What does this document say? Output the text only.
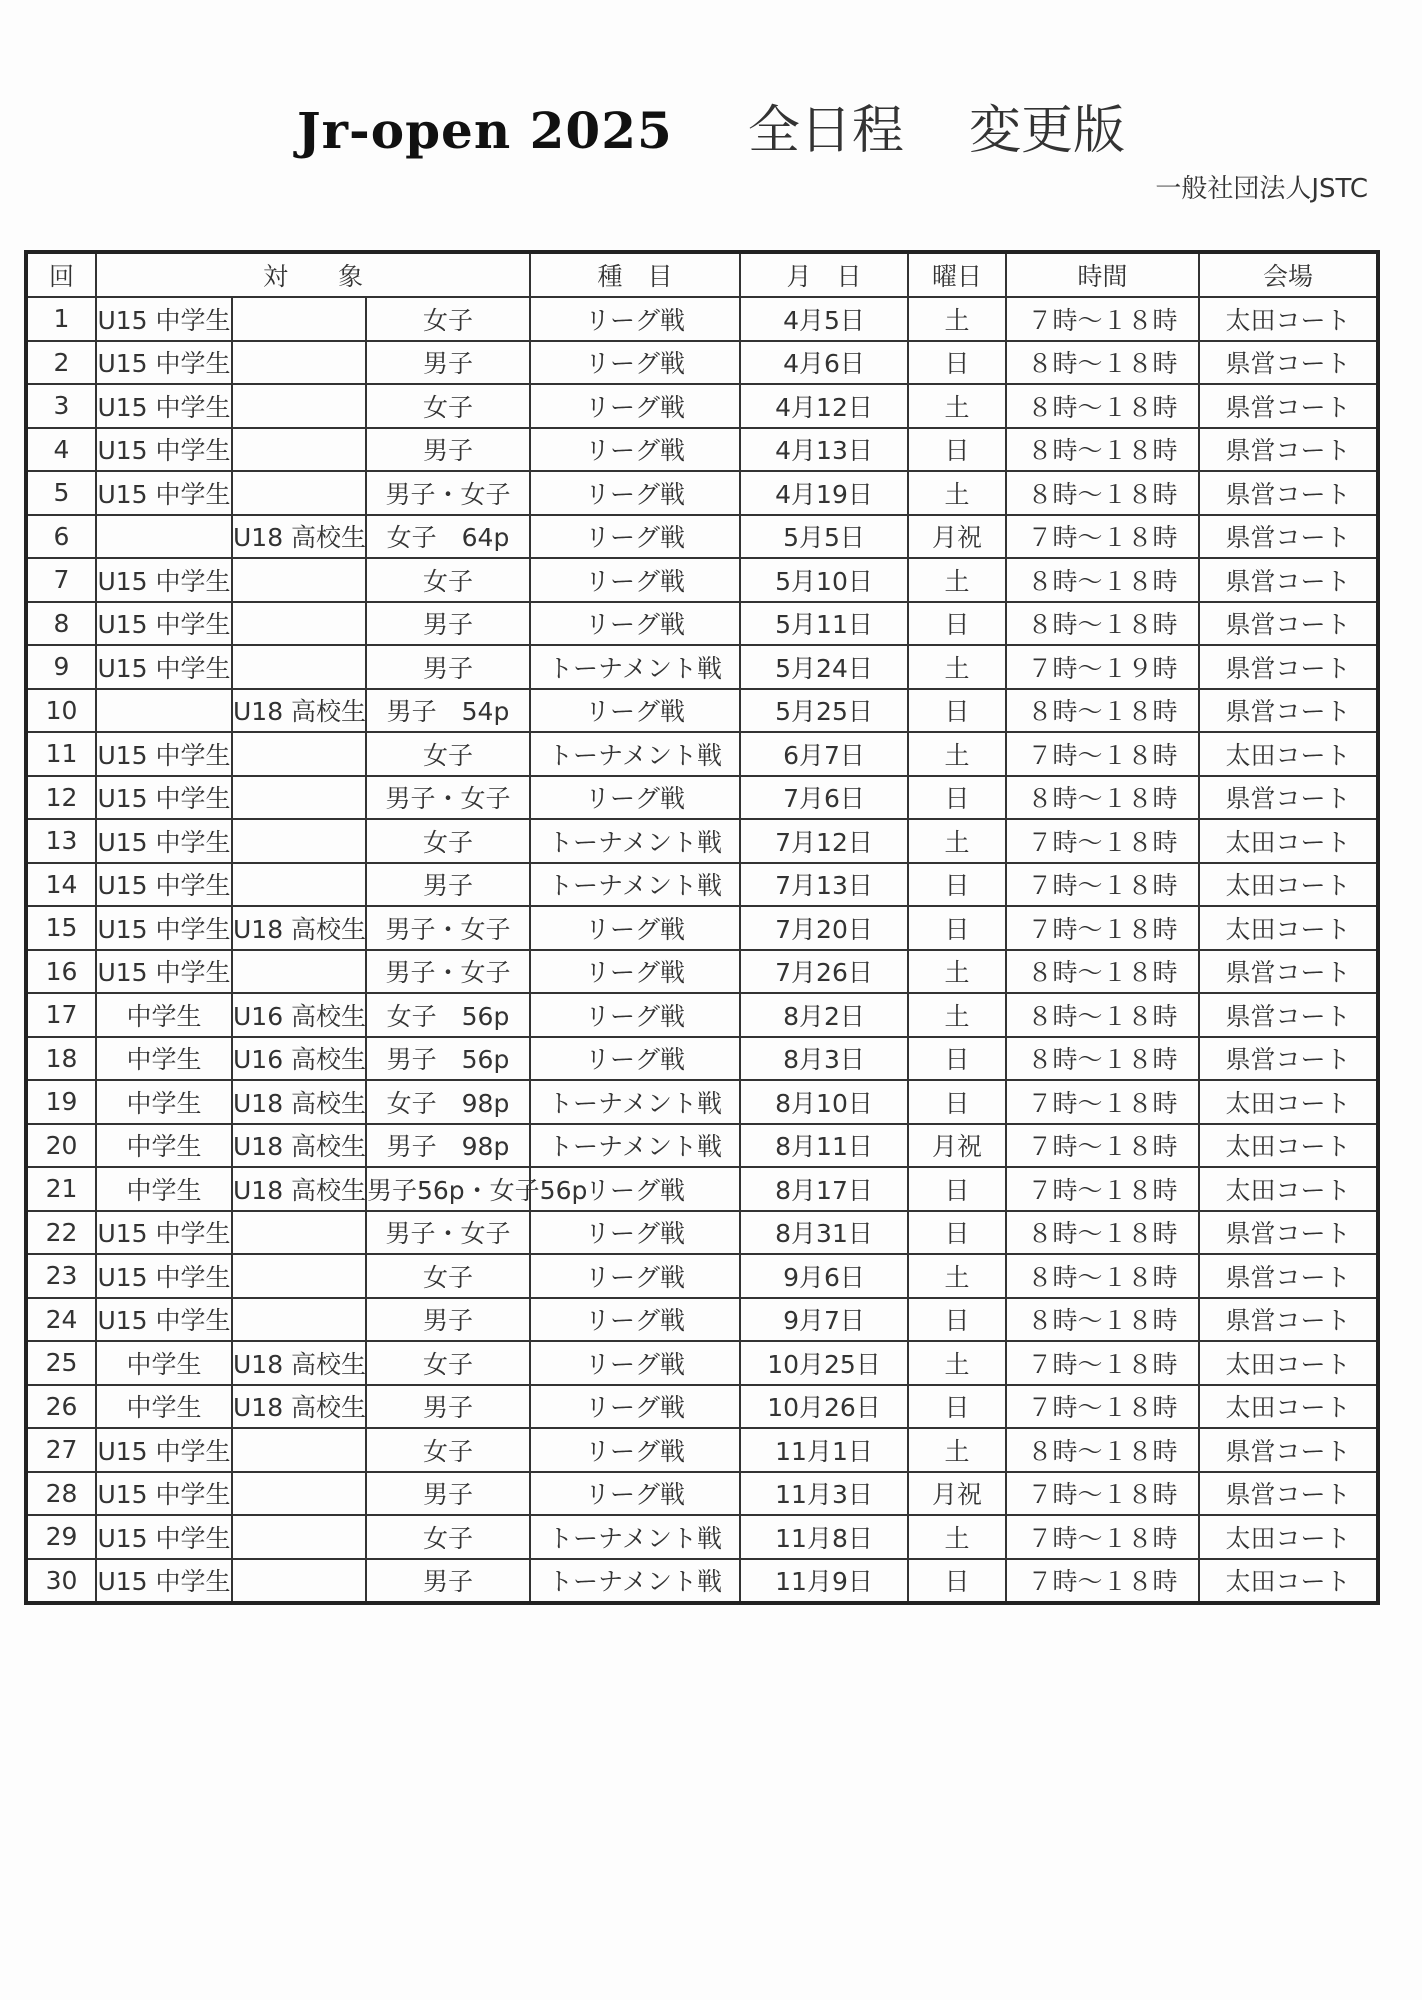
Jr-open 2025 全日程 変更版
一般社団法人JSTC
回	対　　象			種　目	月　日	曜日	時間	会場
1	U15 中学生		女子	リーグ戦	4月5日	土	７時～１８時	太田コート
2	U15 中学生		男子	リーグ戦	4月6日	日	８時～１８時	県営コート
3	U15 中学生		女子	リーグ戦	4月12日	土	８時～１８時	県営コート
4	U15 中学生		男子	リーグ戦	4月13日	日	８時～１８時	県営コート
5	U15 中学生		男子・女子	リーグ戦	4月19日	土	８時～１８時	県営コート
6		U18 高校生	女子　64p	リーグ戦	5月5日	月祝	７時～１８時	県営コート
7	U15 中学生		女子	リーグ戦	5月10日	土	８時～１８時	県営コート
8	U15 中学生		男子	リーグ戦	5月11日	日	８時～１８時	県営コート
9	U15 中学生		男子	トーナメント戦	5月24日	土	７時～１９時	県営コート
10		U18 高校生	男子　54p	リーグ戦	5月25日	日	８時～１８時	県営コート
11	U15 中学生		女子	トーナメント戦	6月7日	土	７時～１８時	太田コート
12	U15 中学生		男子・女子	リーグ戦	7月6日	日	８時～１８時	県営コート
13	U15 中学生		女子	トーナメント戦	7月12日	土	７時～１８時	太田コート
14	U15 中学生		男子	トーナメント戦	7月13日	日	７時～１８時	太田コート
15	U15 中学生	U18 高校生	男子・女子	リーグ戦	7月20日	日	７時～１８時	太田コート
16	U15 中学生		男子・女子	リーグ戦	7月26日	土	８時～１８時	県営コート
17	中学生	U16 高校生	女子　56p	リーグ戦	8月2日	土	８時～１８時	県営コート
18	中学生	U16 高校生	男子　56p	リーグ戦	8月3日	日	８時～１８時	県営コート
19	中学生	U18 高校生	女子　98p	トーナメント戦	8月10日	日	７時～１８時	太田コート
20	中学生	U18 高校生	男子　98p	トーナメント戦	8月11日	月祝	７時～１８時	太田コート
21	中学生	U18 高校生	男子56p・女子56p	リーグ戦	8月17日	日	７時～１８時	太田コート
22	U15 中学生		男子・女子	リーグ戦	8月31日	日	８時～１８時	県営コート
23	U15 中学生		女子	リーグ戦	9月6日	土	８時～１８時	県営コート
24	U15 中学生		男子	リーグ戦	9月7日	日	８時～１８時	県営コート
25	中学生	U18 高校生	女子	リーグ戦	10月25日	土	７時～１８時	太田コート
26	中学生	U18 高校生	男子	リーグ戦	10月26日	日	７時～１８時	太田コート
27	U15 中学生		女子	リーグ戦	11月1日	土	８時～１８時	県営コート
28	U15 中学生		男子	リーグ戦	11月3日	月祝	７時～１８時	県営コート
29	U15 中学生		女子	トーナメント戦	11月8日	土	７時～１８時	太田コート
30	U15 中学生		男子	トーナメント戦	11月9日	日	７時～１８時	太田コート
